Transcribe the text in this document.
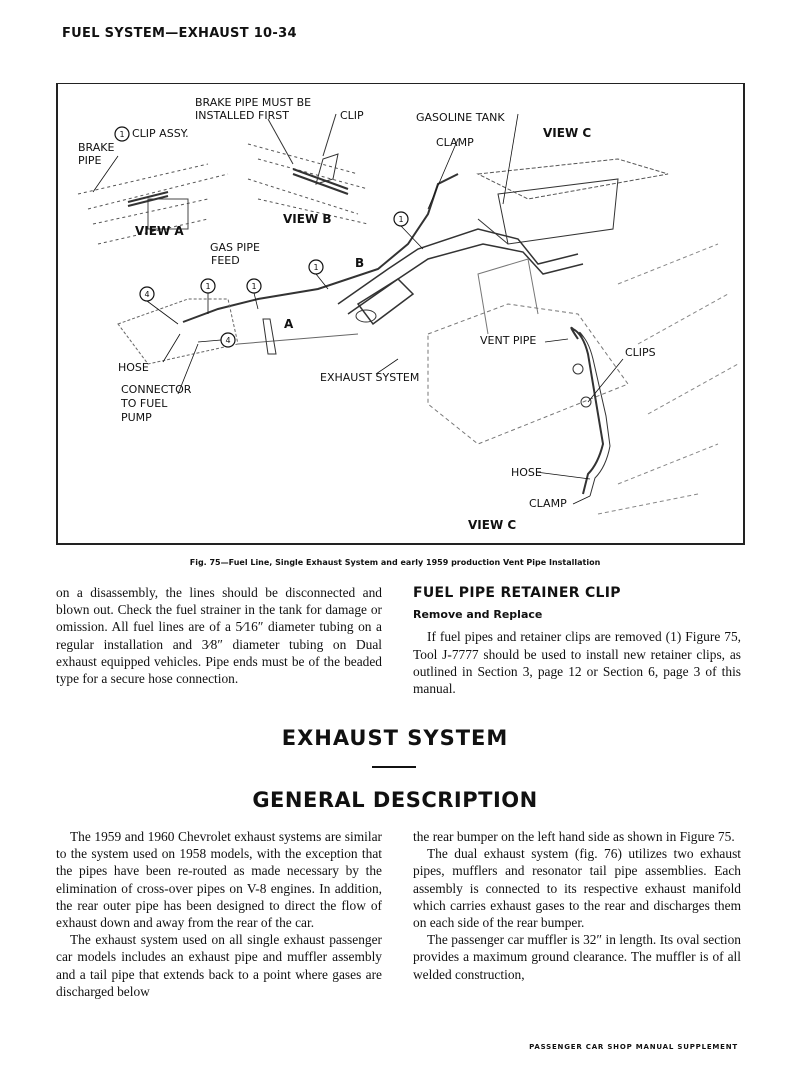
FUEL SYSTEM—EXHAUST 10-34
1
1
1
1	1
4
4
BRAKE PIPE MUST BE
INSTALLED FIRST	CLIP
CLIP ASSY.
BRAKE
PIPE
VIEW A
VIEW B
GASOLINE TANK
CLAMP
VIEW C
GAS PIPE
FEED	B
A
HOSE
CONNECTOR
TO FUEL
PUMP
EXHAUST SYSTEM
VENT PIPE
CLIPS
HOSE
CLAMP
VIEW C
Fig. 75—Fuel Line, Single Exhaust System and early 1959 production Vent Pipe Installation

on a disassembly, the lines should be disconnected and blown out. Check the fuel strainer in the tank for damage or omission. All fuel lines are of a 5⁄16″ diameter tubing on a regular installation and 3⁄8″ diameter tubing on Dual exhaust equipped vehicles. Pipe ends must be of the beaded type for a secure hose connection.

FUEL PIPE RETAINER CLIP
Remove and Replace

If fuel pipes and retainer clips are removed (1) Figure 75, Tool J-7777 should be used to install new retainer clips, as outlined in Section 3, page 12 or Section 6, page 3 of this manual.

EXHAUST SYSTEM
GENERAL DESCRIPTION

The 1959 and 1960 Chevrolet exhaust systems are similar to the system used on 1958 models, with the exception that the pipes have been re-routed as made necessary by the elimination of cross-over pipes on V-8 engines. In addition, the rear outer pipe has been designed to direct the flow of exhaust down and away from the rear of the car.

The exhaust system used on all single exhaust passenger car models includes an exhaust pipe and muffler assembly and a tail pipe that extends back to a point where gases are discharged below

the rear bumper on the left hand side as shown in Figure 75.

The dual exhaust system (fig. 76) utilizes two exhaust pipes, mufflers and resonator tail pipe assemblies. Each assembly is connected to its respective exhaust manifold which carries exhaust gases to the rear and discharges them on each side of the rear bumper.

The passenger car muffler is 32″ in length. Its oval section provides a maximum ground clearance. The muffler is of all welded construction,

PASSENGER CAR SHOP MANUAL SUPPLEMENT
